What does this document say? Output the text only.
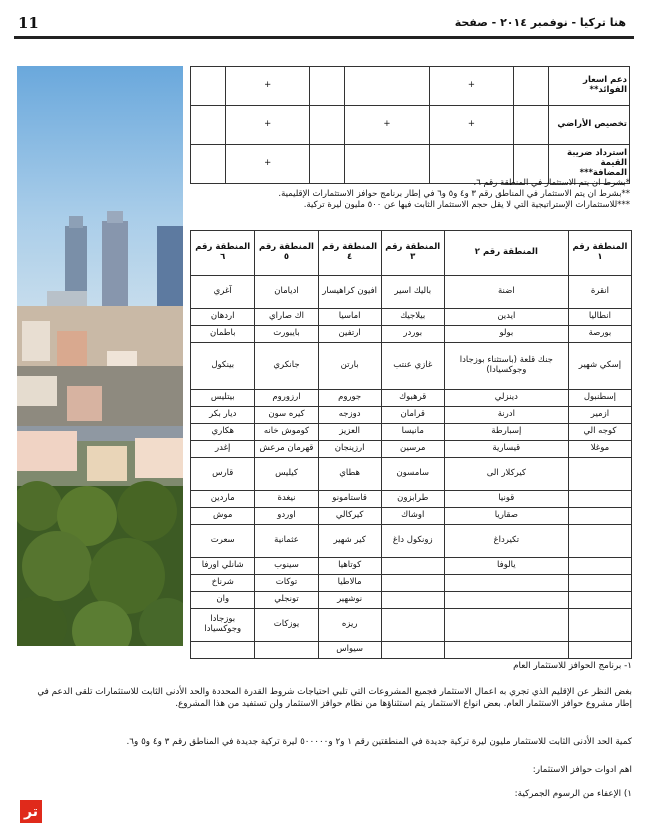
11	هنا تركيا - نوفمبر ٢٠١٤ - صفحة
دعم اسعار الفوائد**		+			+	
تخصيص الأراضي		+	+		+	
استرداد ضريبة القيمة المضافة***					+	
*بشرط ان يتم الاستثمار في المنطقة رقم ٦.
**بشرط ان يتم الاستثمار في المناطق رقم ٣ و٤ و٥ و٦ في إطار برنامج حوافز الاستثمارات الإقليمية.
***للاستثمارات الإستراتيجية التي لا يقل حجم الاستثمار الثابت فيها عن ٥٠٠ مليون ليرة تركية.
المنطقة رقم ١	المنطقة رقم ٢	المنطقة رقم ٣	المنطقة رقم ٤	المنطقة رقم ٥	المنطقة رقم ٦
انقرة	اضنة	باليك اسير	افيون كراهيسار	اديامان	آغري
انطاليا	ايدين	بيلاجيك	اماسيا	اك صاراي	اردهان
بورصة	بولو	بوردر	ارتفين	بايبورت	باطمان
إسكي شهير	جنك قلعة (باستثناء بوزجادا وجوكسيادا)	غازي عنتب	بارتن	جانكري	بينكول
إسطنبول	دينزلي	قرهبوك	جوروم	ارزوروم	بيتليس
ازمير	ادرنة	قرامان	دوزجه	كيره سون	ديار بكر
كوجه الي	إسبارطة	مانيسا	العزيز	كوموش خانه	هكاري
موغلا	قيسارية	مرسين	ارزينجان	قهرمان مرعش	إغدر
	كيركلار الى	سامسون	هطاي	كيليس	قارس
	قونيا	طرابزون	قاستامونو	نيغدة	ماردين
	صقاريا	اوشاك	كيركالي	اوردو	موش
	تكيرداغ	زونكول داغ	كير شهير	عثمانية	سعرت
	يالوفا		كوتاهيا	سينوب	شانلي اورفا
			مالاطيا	توكات	شرناخ
			نوشهير	تونجلي	وان
			ريزه	يوزكات	بوزجادا وجوكسيادا
			سيواس		
١- برنامج الحوافز للاستثمار العام
بغض النظر عن الإقليم الذي تجري به اعمال الاستثمار فجميع المشروعات التي تلبي احتياجات شروط القدرة المحددة والحد الأدنى الثابت للاستثمارات تلقى الدعم في إطار مشروع حوافز الاستثمار العام. بعض انواع الاستثمار يتم استثناؤها من نظام حوافز الاستثمار ولن تستفيد من هذا المشروع.
كمية الحد الأدنى الثابت للاستثمار مليون ليرة تركية جديدة في المنطقتين رقم ١ و٢ و٥٠٠٠٠٠ ليرة تركية جديدة في المناطق رقم ٣ و٤ و٥ و٦.
اهم ادوات حوافز الاستثمار:
١) الإعفاء من الرسوم الجمركية:
تر
